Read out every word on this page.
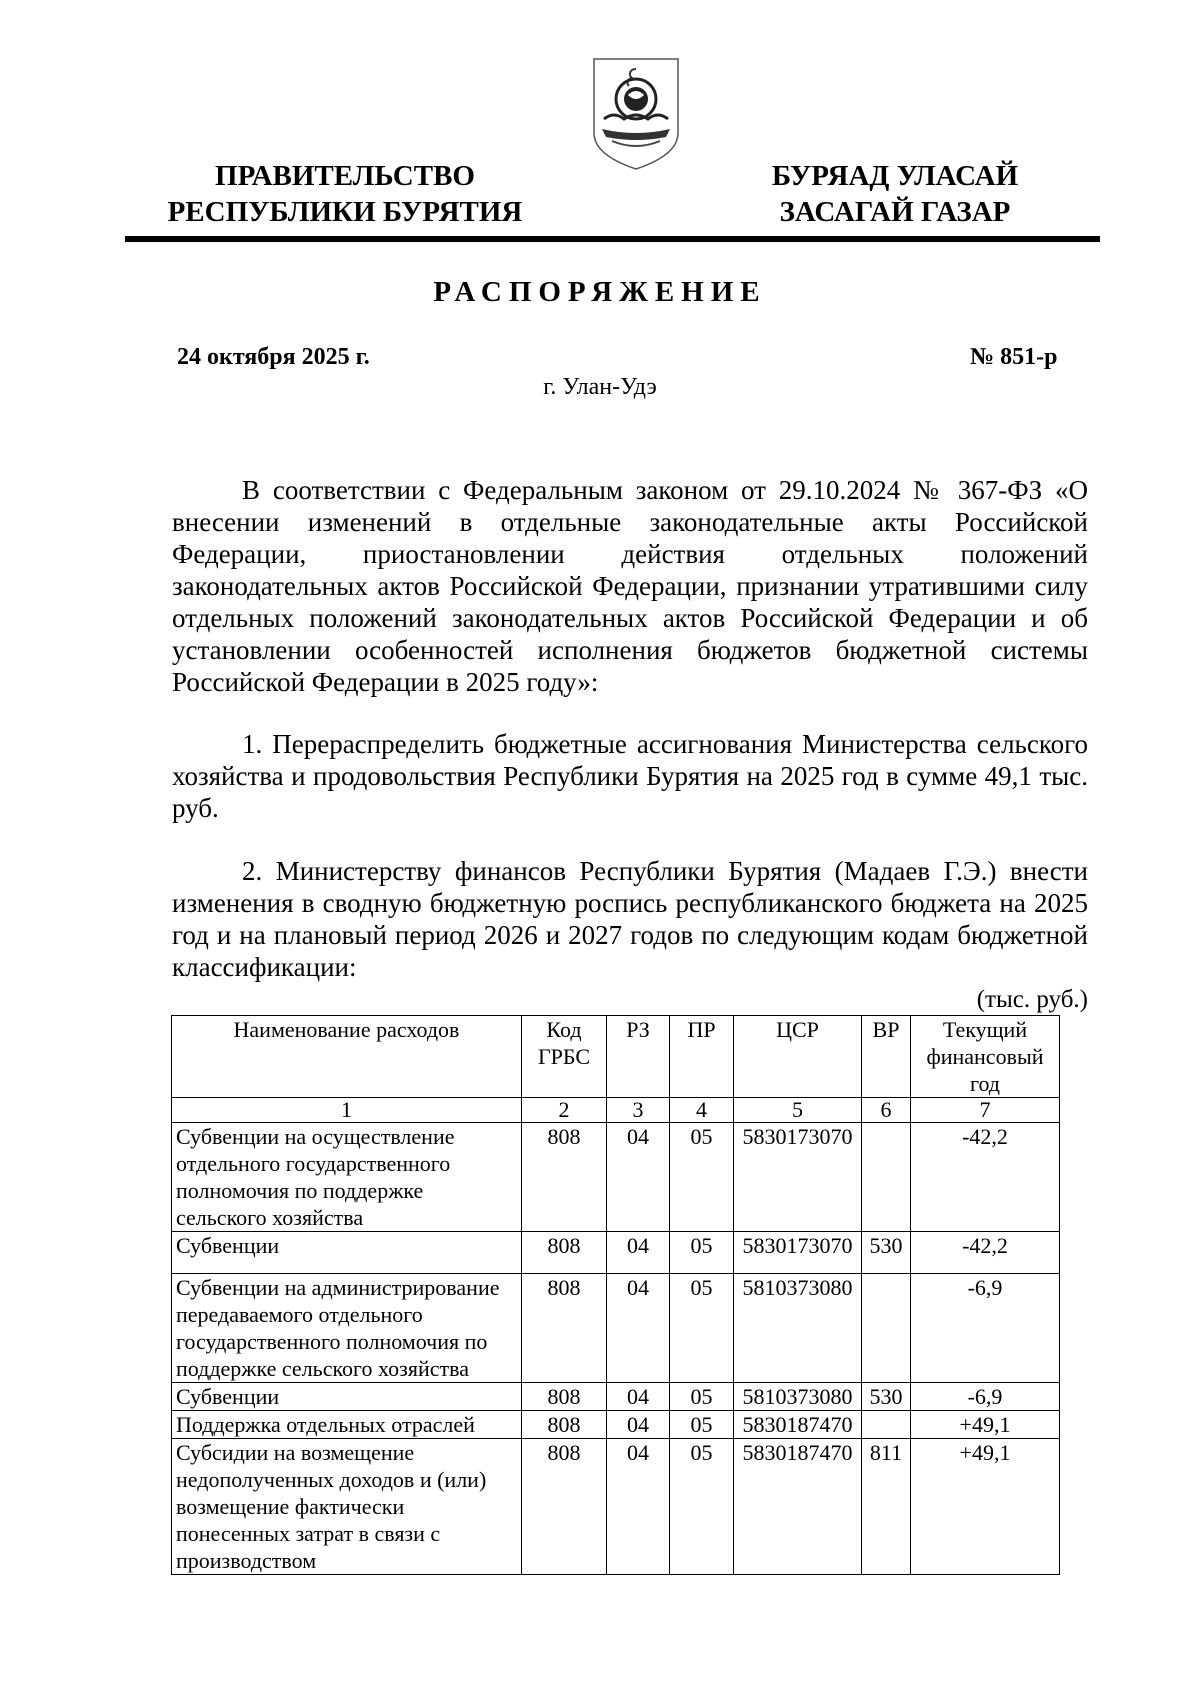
ПРАВИТЕЛЬСТВО
РЕСПУБЛИКИ БУРЯТИЯ
БУРЯАД УЛАСАЙ
ЗАСАГАЙ ГАЗАР
РАСПОРЯЖЕНИЕ
24 октября 2025 г.	№ 851-р
г. Улан-Удэ
В соответствии с Федеральным законом от 29.10.2024 № 367-ФЗ «О внесении изменений в отдельные законодательные акты Российской Федерации, приостановлении действия отдельных положений законодательных актов Российской Федерации, признании утратившими силу отдельных положений законодательных актов Российской Федерации и об установлении особенностей исполнения бюджетов бюджетной системы Российской Федерации в 2025 году»:
1. Перераспределить бюджетные ассигнования Министерства сельского хозяйства и продовольствия Республики Бурятия на 2025 год в сумме 49,1 тыс. руб.
2. Министерству финансов Республики Бурятия (Мадаев Г.Э.) внести изменения в сводную бюджетную роспись республиканского бюджета на 2025 год и на плановый период 2026 и 2027 годов по следующим кодам бюджетной классификации:
(тыс. руб.)
Наименование расходов	Код ГРБС	РЗ	ПР	ЦСР	ВР	Текущий финансовый год
1	2	3	4	5	6	7
Субвенции на осуществление отдельного государственного полномочия по поддержке сельского хозяйства	808	04	05	5830173070		-42,2
Субвенции	808	04	05	5830173070	530	-42,2
Субвенции на администрирование передаваемого отдельного государственного полномочия по поддержке сельского хозяйства	808	04	05	5810373080		-6,9
Субвенции	808	04	05	5810373080	530	-6,9
Поддержка отдельных отраслей	808	04	05	5830187470		+49,1
Субсидии на возмещение недополученных доходов и (или) возмещение фактически понесенных затрат в связи с производством	808	04	05	5830187470	811	+49,1
